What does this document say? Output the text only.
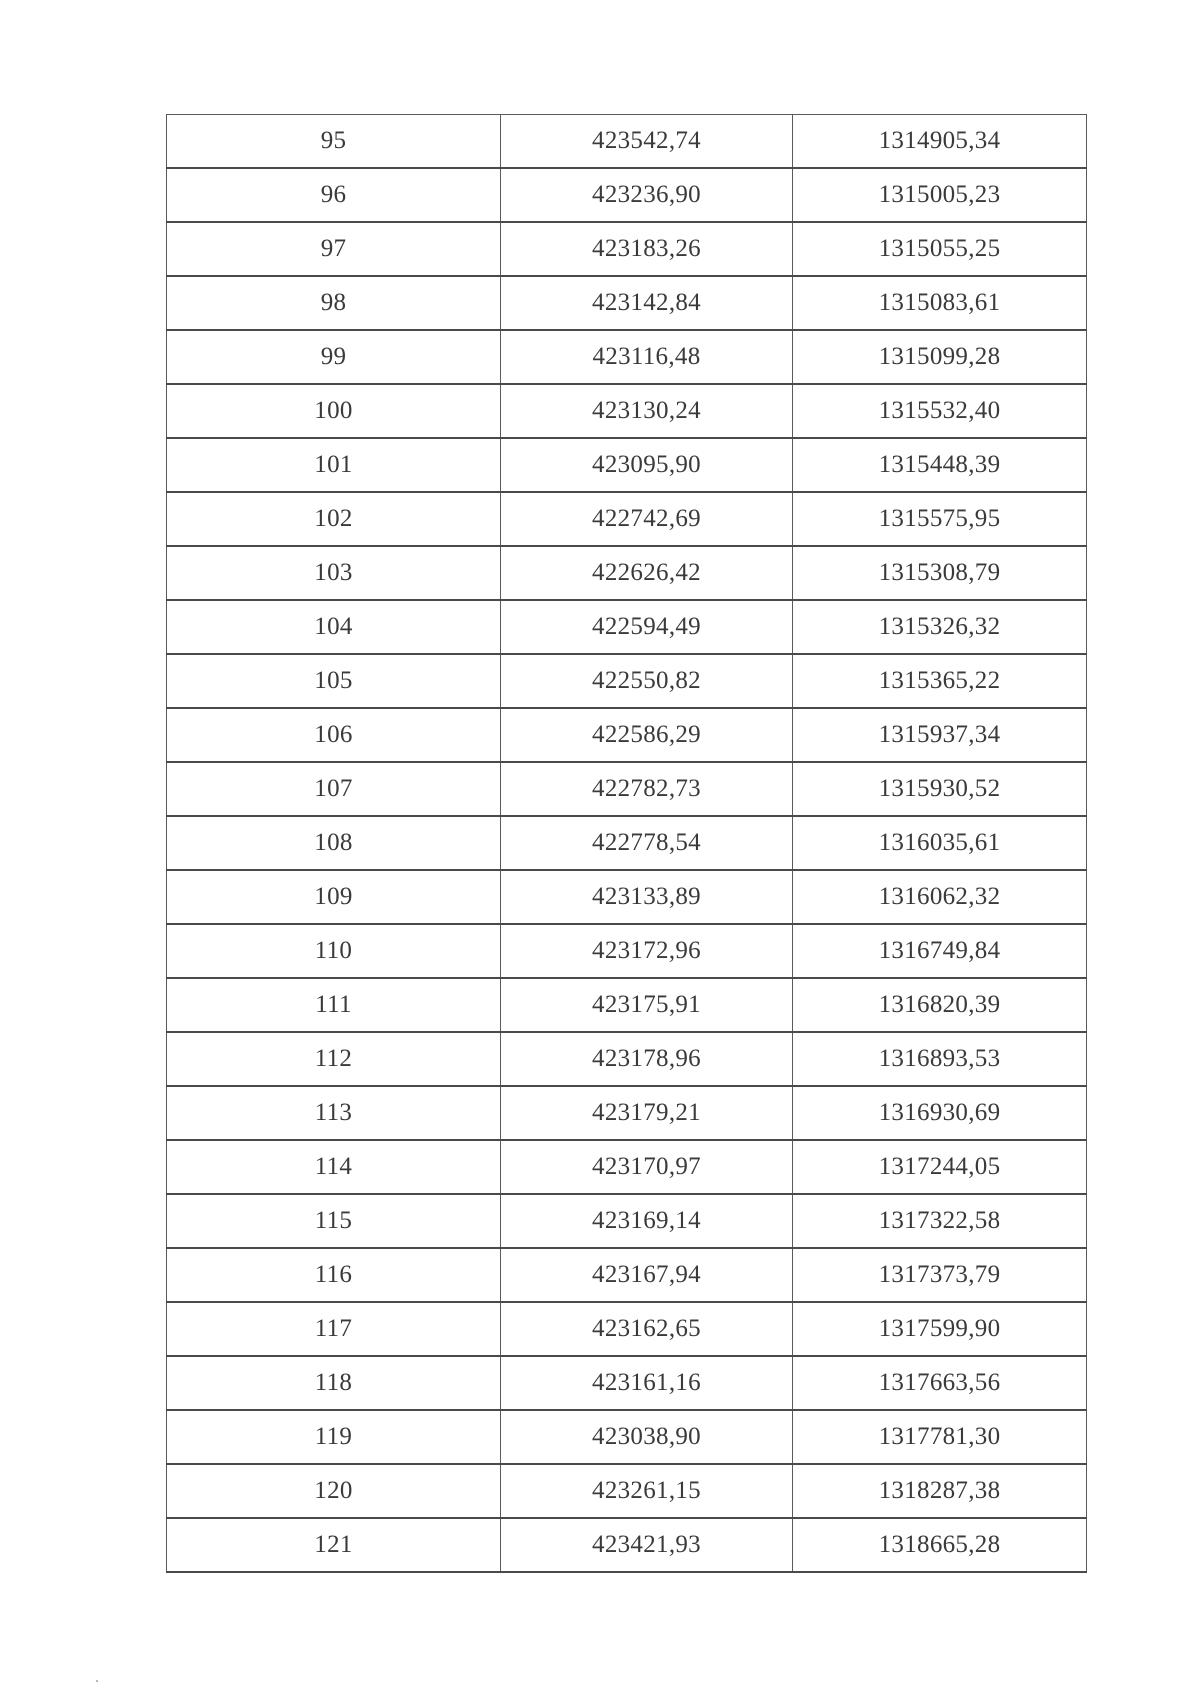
95	423542,74	1314905,34
96	423236,90	1315005,23
97	423183,26	1315055,25
98	423142,84	1315083,61
99	423116,48	1315099,28
100	423130,24	1315532,40
101	423095,90	1315448,39
102	422742,69	1315575,95
103	422626,42	1315308,79
104	422594,49	1315326,32
105	422550,82	1315365,22
106	422586,29	1315937,34
107	422782,73	1315930,52
108	422778,54	1316035,61
109	423133,89	1316062,32
110	423172,96	1316749,84
111	423175,91	1316820,39
112	423178,96	1316893,53
113	423179,21	1316930,69
114	423170,97	1317244,05
115	423169,14	1317322,58
116	423167,94	1317373,79
117	423162,65	1317599,90
118	423161,16	1317663,56
119	423038,90	1317781,30
120	423261,15	1318287,38
121	423421,93	1318665,28
